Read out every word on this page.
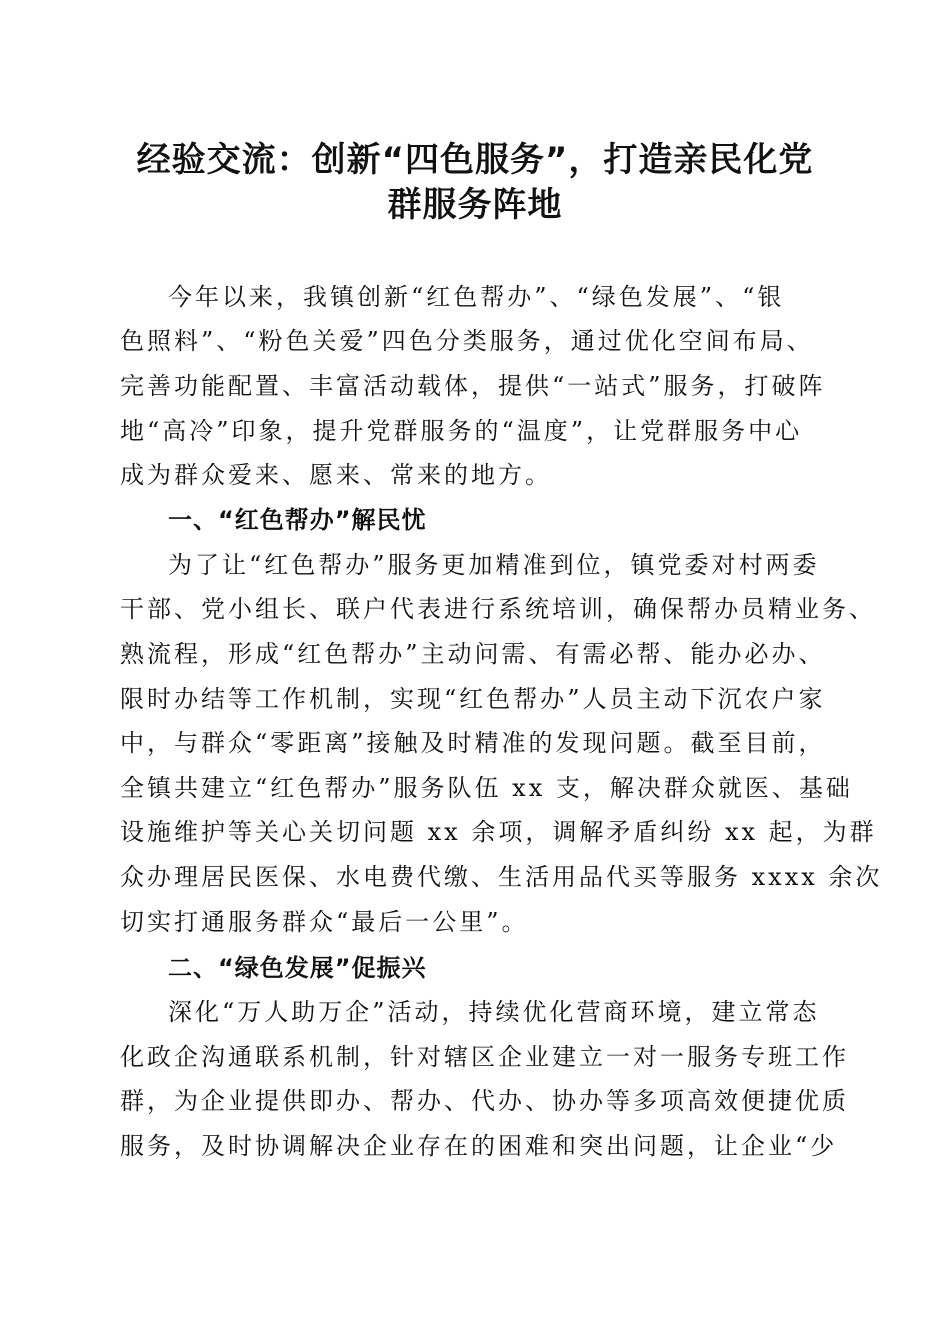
经验交流：创新“四色服务”，打造亲民化党
群服务阵地
今年以来，我镇创新“红色帮办”、“绿色发展”、“银
色照料”、“粉色关爱”四色分类服务，通过优化空间布局、
完善功能配置、丰富活动载体，提供“一站式”服务，打破阵
地“高冷”印象，提升党群服务的“温度”，让党群服务中心
成为群众爱来、愿来、常来的地方。
一、“红色帮办”解民忧
为了让“红色帮办”服务更加精准到位，镇党委对村两委
干部、党小组长、联户代表进行系统培训，确保帮办员精业务、
熟流程，形成“红色帮办”主动问需、有需必帮、能办必办、
限时办结等工作机制，实现“红色帮办”人员主动下沉农户家
中，与群众“零距离”接触及时精准的发现问题。截至目前，
全镇共建立“红色帮办”服务队伍 xx 支，解决群众就医、基础
设施维护等关心关切问题 xx 余项，调解矛盾纠纷 xx 起，为群
众办理居民医保、水电费代缴、生活用品代买等服务 xxxx 余次
切实打通服务群众“最后一公里”。
二、“绿色发展”促振兴
深化“万人助万企”活动，持续优化营商环境，建立常态
化政企沟通联系机制，针对辖区企业建立一对一服务专班工作
群，为企业提供即办、帮办、代办、协办等多项高效便捷优质
服务，及时协调解决企业存在的困难和突出问题，让企业“少
